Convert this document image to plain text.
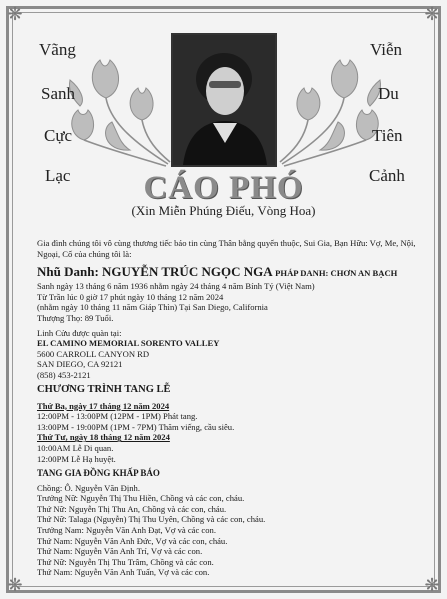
❋	❋
❋	❋
Vãng
Sanh
Cực
Lạc
Viễn
Du
Tiên
Cảnh
CÁO PHÓ
(Xin Miễn Phúng Điếu, Vòng Hoa)

Gia đình chúng tôi vô cùng thương tiếc báo tin cùng Thân bằng quyến thuộc, Sui Gia, Bạn Hữu: Vợ, Me, Nội, Ngoại, Cố của chúng tôi là:

Nhũ Danh: NGUYỄN TRÚC NGỌC NGA PHÁP DANH: CHƠN AN BẠCH

Sanh ngày 13 tháng 6 năm 1936 nhằm ngày 24 tháng 4 năm Bính Tý (Việt Nam)

Từ Trần lúc 0 giờ 17 phút ngày 10 tháng 12 năm 2024

(nhằm ngày 10 tháng 11 năm Giáp Thìn) Tại San Diego, California

Thượng Thọ: 89 Tuổi.

Linh Cửu được quàn tại:

EL CAMINO MEMORIAL SORENTO VALLEY

5600 CARROLL CANYON RD

SAN DIEGO, CA 92121

(858) 453-2121

CHƯƠNG TRÌNH TANG LỄ

Thứ Ba, ngày 17 tháng 12 năm 2024

12:00PM - 13:00PM (12PM - 1PM) Phát tang.

13:00PM - 19:00PM (1PM - 7PM) Thăm viếng, cầu siêu.

Thứ Tư, ngày 18 tháng 12 năm 2024

10:00AM Lễ Di quan.

12:00PM Lễ Hạ huyệt.

TANG GIA ĐỒNG KHẤP BÁO

Chồng: Ô. Nguyễn Văn Định.

Trưởng Nữ: Nguyễn Thị Thu Hiền, Chồng và các con, cháu.

Thứ Nữ: Nguyễn Thị Thu An, Chồng và các con, cháu.

Thứ Nữ: Talaga (Nguyễn) Thị Thu Uyên, Chồng và các con, cháu.

Trưởng Nam: Nguyễn Văn Anh Đạt, Vợ và các con.

Thứ Nam: Nguyễn Văn Anh Đức, Vợ và các con, cháu.

Thứ Nam: Nguyễn Văn Anh Trí, Vợ và các con.

Thứ Nữ: Nguyễn Thị Thu Trâm, Chồng và các con.

Thứ Nam: Nguyễn Văn Anh Tuấn, Vợ và các con.
